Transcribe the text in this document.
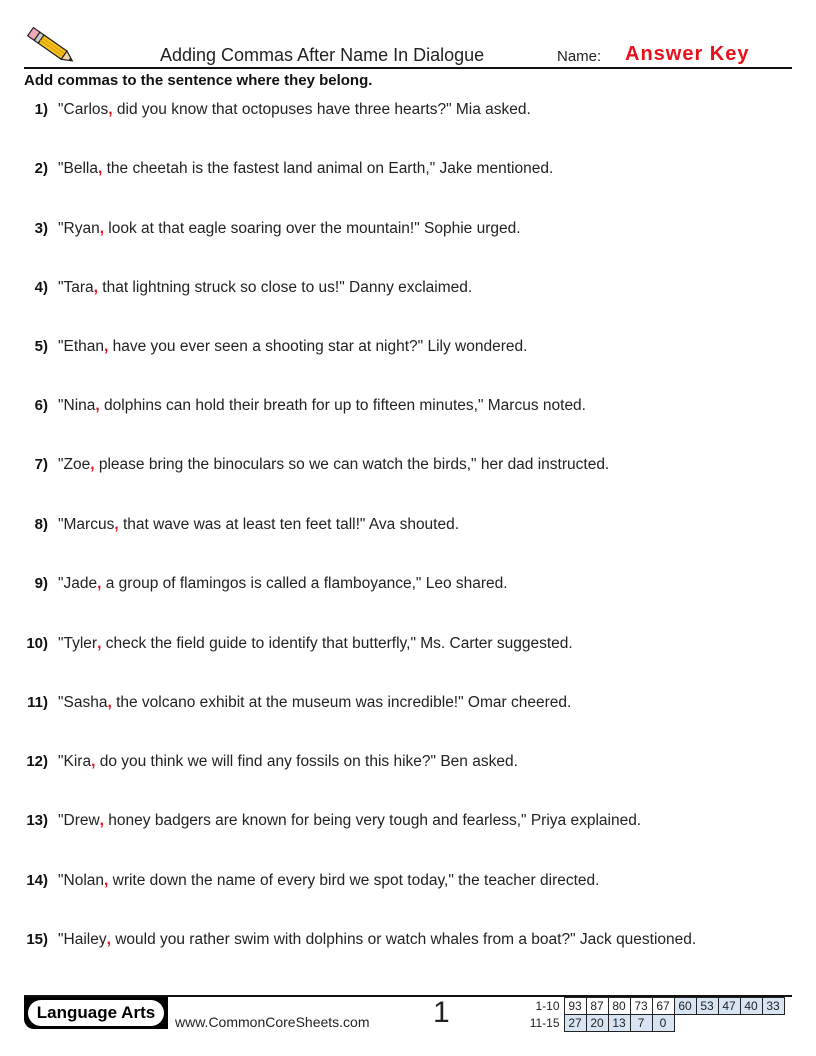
Adding Commas After Name In Dialogue	Name: Answer Key
Add commas to the sentence where they belong.
1) "Carlos, did you know that octopuses have three hearts?" Mia asked.
2) "Bella, the cheetah is the fastest land animal on Earth," Jake mentioned.
3) "Ryan, look at that eagle soaring over the mountain!" Sophie urged.
4) "Tara, that lightning struck so close to us!" Danny exclaimed.
5) "Ethan, have you ever seen a shooting star at night?" Lily wondered.
6) "Nina, dolphins can hold their breath for up to fifteen minutes," Marcus noted.
7) "Zoe, please bring the binoculars so we can watch the birds," her dad instructed.
8) "Marcus, that wave was at least ten feet tall!" Ava shouted.
9) "Jade, a group of flamingos is called a flamboyance," Leo shared.
10) "Tyler, check the field guide to identify that butterfly," Ms. Carter suggested.
11) "Sasha, the volcano exhibit at the museum was incredible!" Omar cheered.
12) "Kira, do you think we will find any fossils on this hike?" Ben asked.
13) "Drew, honey badgers are known for being very tough and fearless," Priya explained.
14) "Nolan, write down the name of every bird we spot today," the teacher directed.
15) "Hailey, would you rather swim with dolphins or watch whales from a boat?" Jack questioned.
Language Arts	www.CommonCoreSheets.com 1	1-10	93	87	80	73	67	60	53	47	40	33
11-15	27	20	13	7	0					
